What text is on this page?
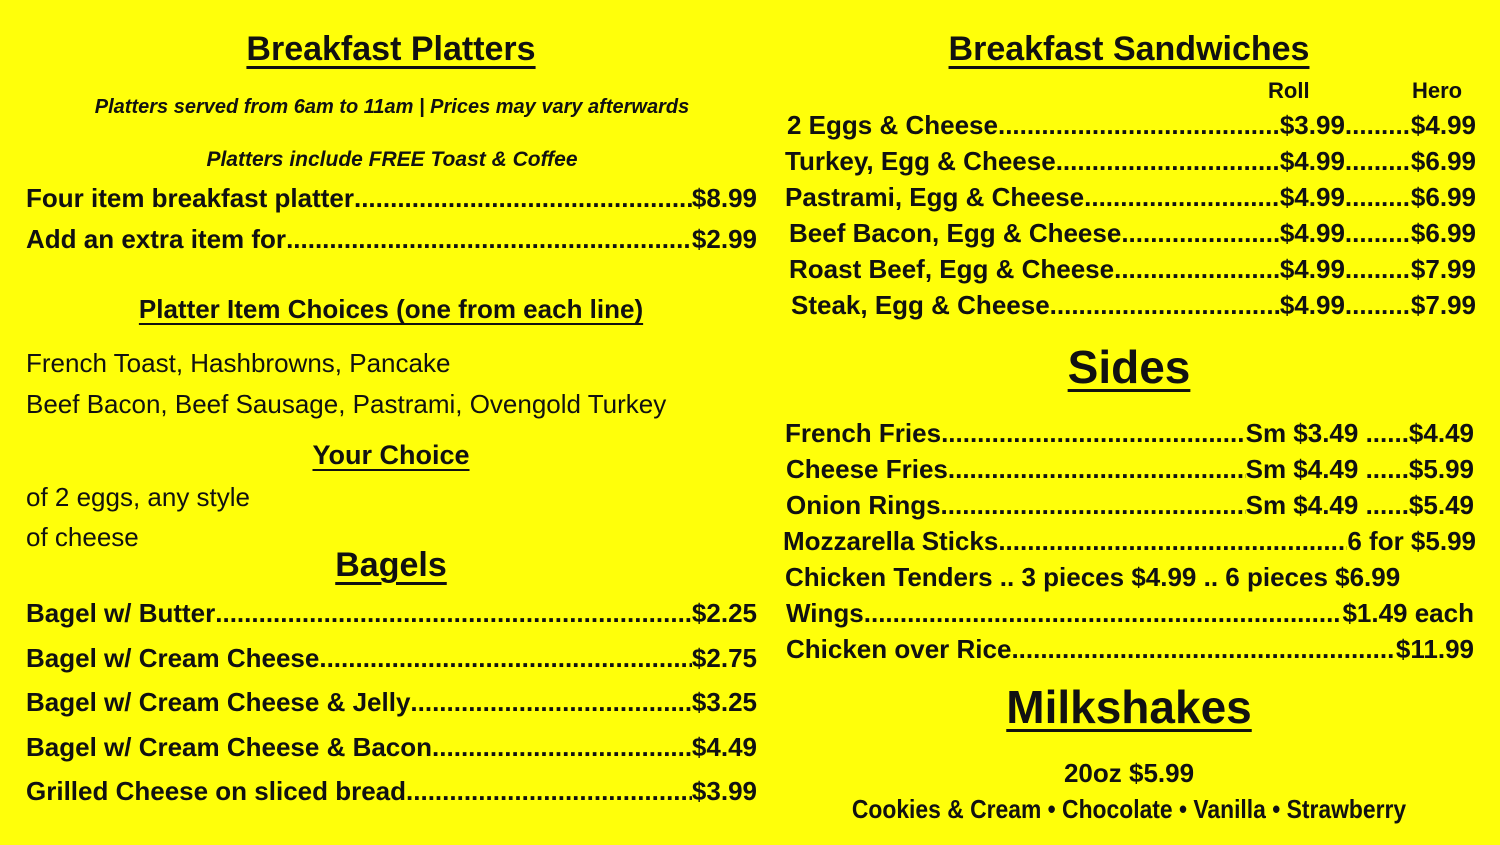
Breakfast Platters
Platters served from 6am to 11am | Prices may vary afterwards
Platters include FREE Toast & Coffee
Four item breakfast platter .....	$8.99
Add an extra item for .....	$2.99
Platter Item Choices (one from each line)
French Toast, Hashbrowns, Pancake
Beef Bacon, Beef Sausage, Pastrami, Ovengold Turkey
Your Choice
of 2 eggs, any style
of cheese
Bagels
Bagel w/ Butter .....	$2.25
Bagel w/ Cream Cheese .....	$2.75
Bagel w/ Cream Cheese & Jelly .....	$3.25
Bagel w/ Cream Cheese & Bacon .....	$4.49
Grilled Cheese on sliced bread .....	$3.99
Breakfast Sandwiches
Roll	Hero
2 Eggs & Cheese .....	$3.99 .....	$4.99
Turkey, Egg & Cheese .....	$4.99 .....	$6.99
Pastrami, Egg & Cheese .....	$4.99 .....	$6.99
Beef Bacon, Egg & Cheese .....	$4.99 .....	$6.99
Roast Beef, Egg & Cheese .....	$4.99 .....	$7.99
Steak, Egg & Cheese .....	$4.99 .....	$7.99
Sides
French Fries .....	Sm $3.49 ...... $4.49
Cheese Fries .....	Sm $4.49 ...... $5.99
Onion Rings .....	Sm $4.49 ...... $5.49
Mozzarella Sticks .....	6 for $5.99
Chicken Tenders .. 3 pieces $4.99 .. 6 pieces $6.99
Wings .....	$1.49 each
Chicken over Rice .....	$11.99
Milkshakes
20oz $5.99
Cookies & Cream • Chocolate • Vanilla • Strawberry
